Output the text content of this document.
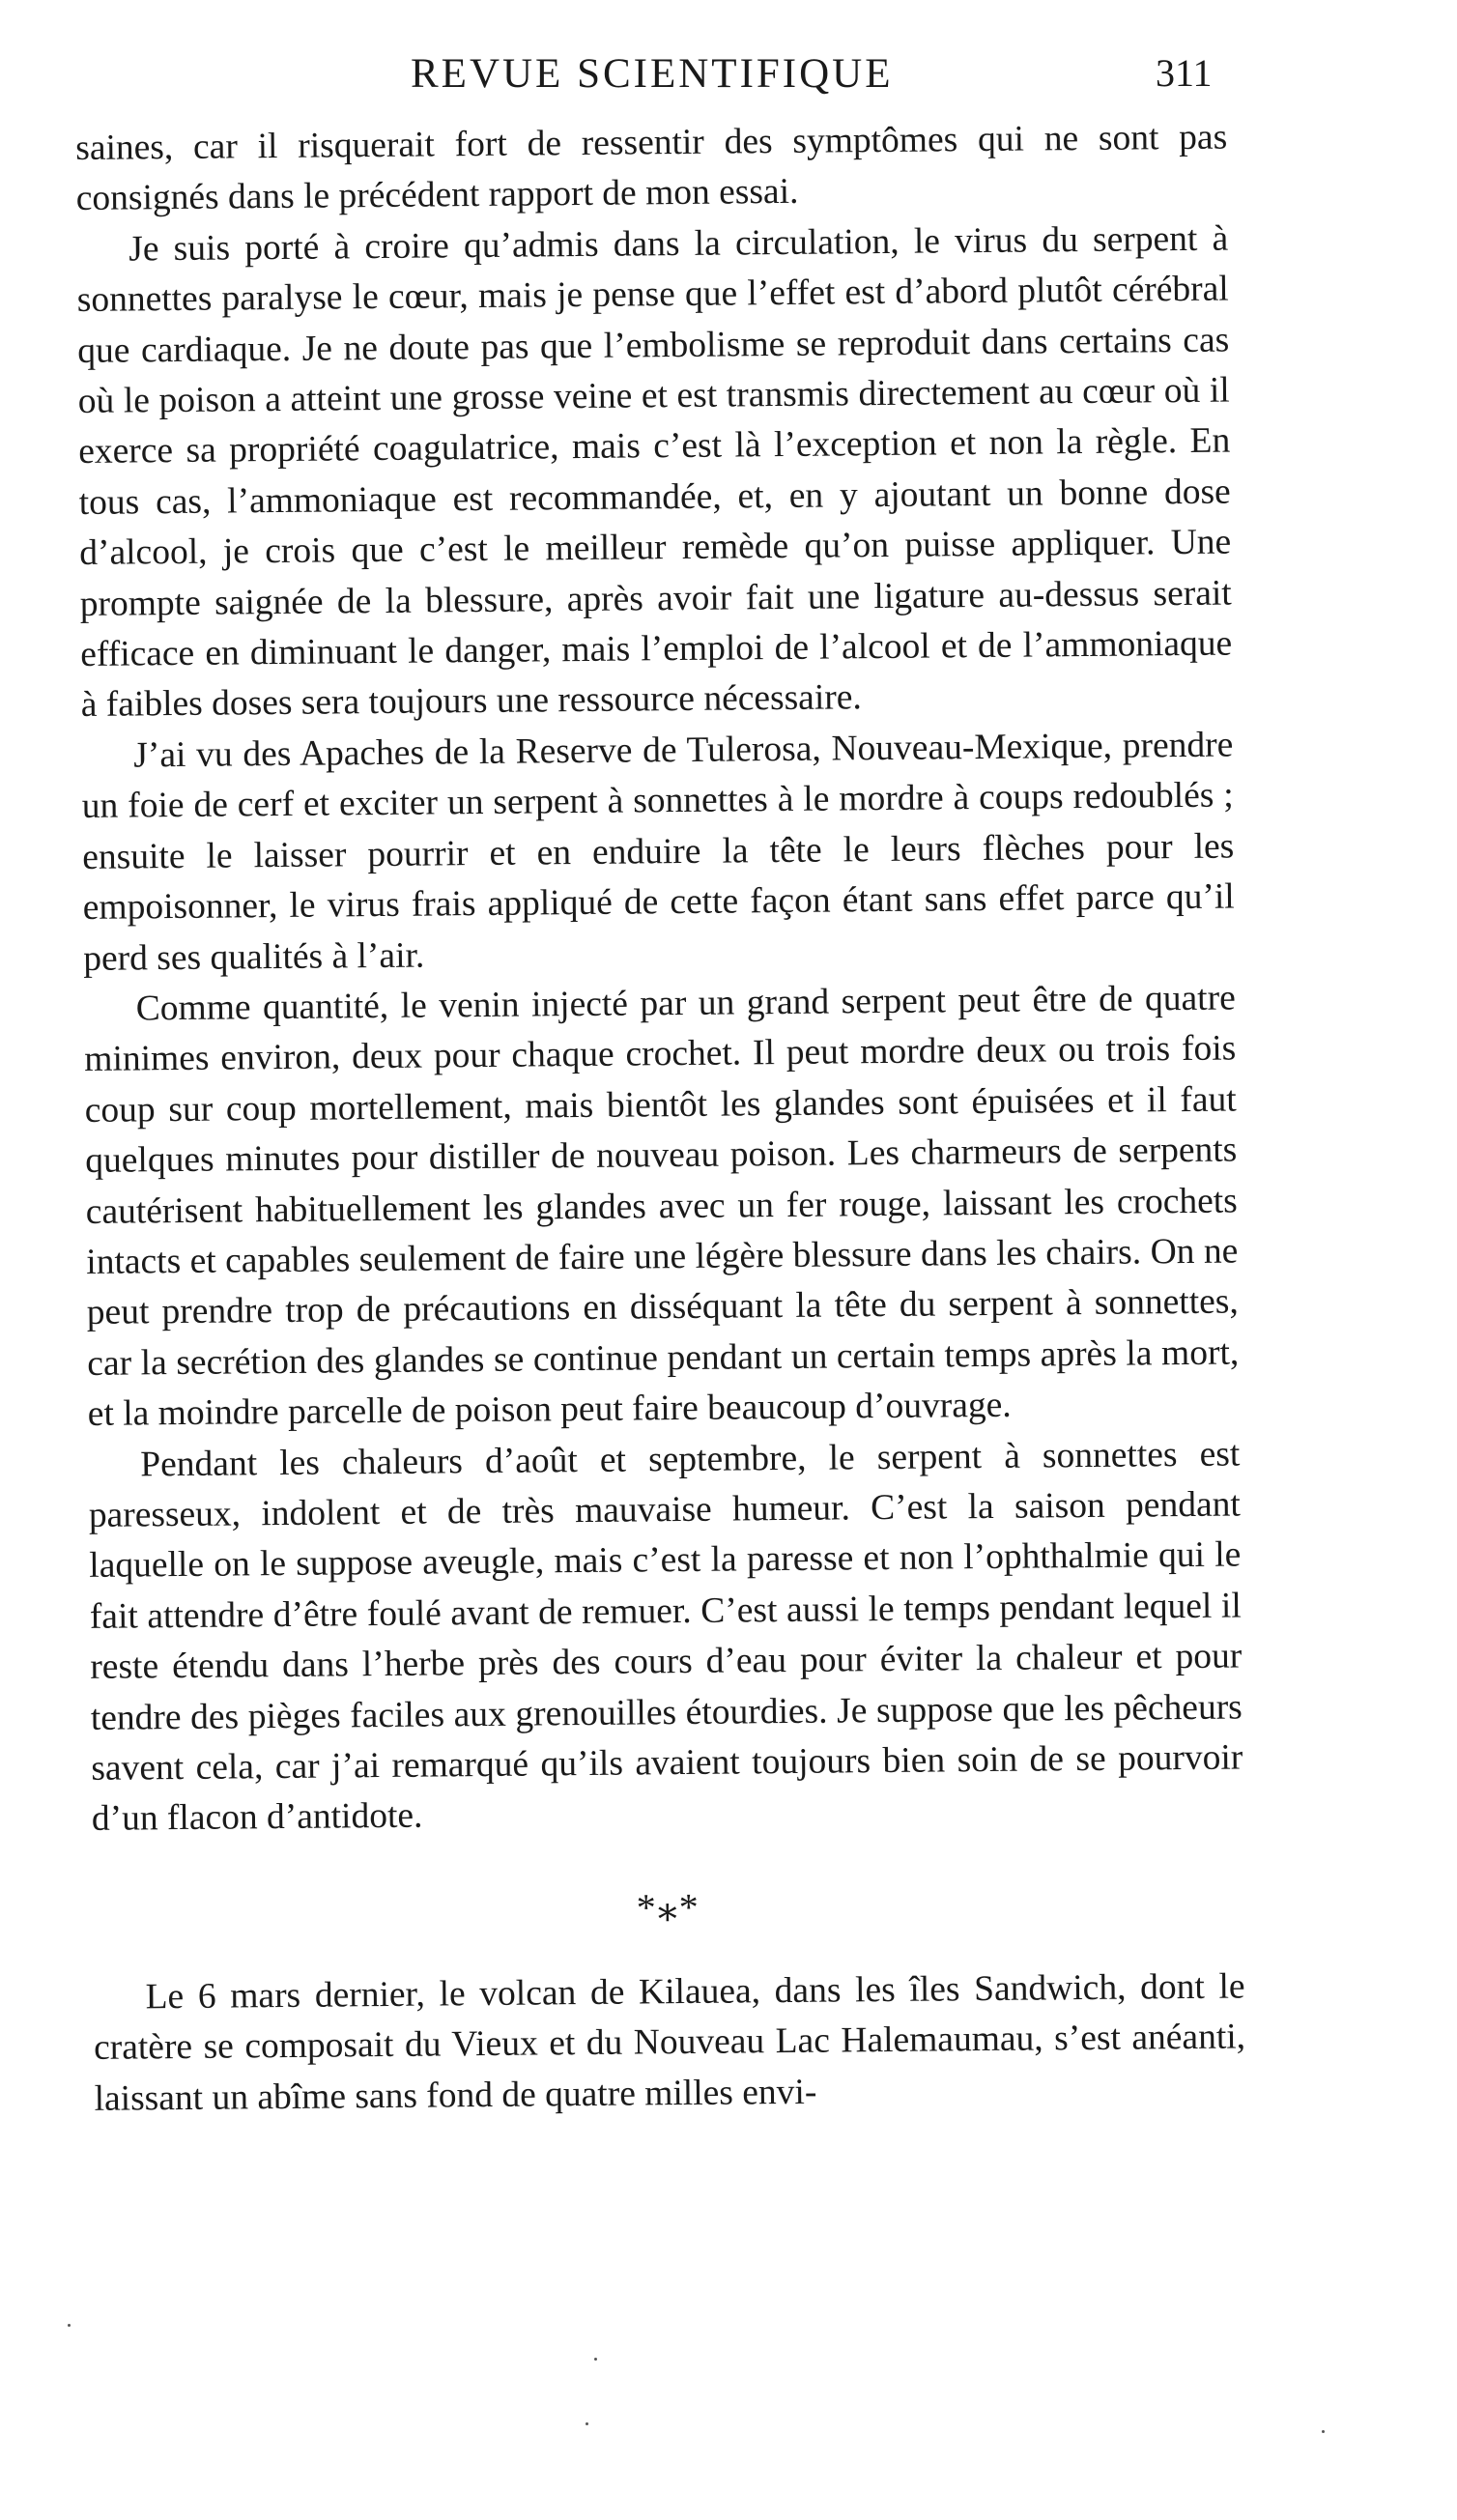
REVUE SCIENTIFIQUE	311

saines, car il risquerait fort de ressentir des symptômes qui ne sont pas consignés dans le précédent rapport de mon essai.

Je suis porté à croire qu’admis dans la circulation, le virus du serpent à sonnettes paralyse le cœur, mais je pense que l’effet est d’abord plutôt cérébral que cardiaque. Je ne doute pas que l’embolisme se reproduit dans certains cas où le poison a atteint une grosse veine et est transmis directement au cœur où il exerce sa propriété coagulatrice, mais c’est là l’exception et non la règle. En tous cas, l’ammoniaque est recommandée, et, en y ajoutant un bonne dose d’alcool, je crois que c’est le meilleur remède qu’on puisse appliquer. Une prompte saignée de la blessure, après avoir fait une ligature au-dessus serait efficace en diminuant le danger, mais l’emploi de l’alcool et de l’ammoniaque à faibles doses sera toujours une ressource nécessaire.

J’ai vu des Apaches de la Reserve de Tulerosa, Nouveau-Mexique, prendre un foie de cerf et exciter un serpent à sonnettes à le mordre à coups redoublés ; ensuite le laisser pourrir et en enduire la tête le leurs flèches pour les empoisonner, le virus frais appliqué de cette façon étant sans effet parce qu’il perd ses qualités à l’air.

Comme quantité, le venin injecté par un grand serpent peut être de quatre minimes environ, deux pour chaque crochet. Il peut mordre deux ou trois fois coup sur coup mortellement, mais bientôt les glandes sont épuisées et il faut quelques minutes pour distiller de nouveau poison. Les charmeurs de serpents cautérisent habituellement les glandes avec un fer rouge, laissant les crochets intacts et capables seulement de faire une légère blessure dans les chairs. On ne peut prendre trop de précautions en disséquant la tête du serpent à sonnettes, car la secrétion des glandes se continue pendant un certain temps après la mort, et la moindre parcelle de poison peut faire beaucoup d’ouvrage.

Pendant les chaleurs d’août et septembre, le serpent à sonnettes est paresseux, indolent et de très mauvaise humeur. C’est la saison pendant laquelle on le suppose aveugle, mais c’est la paresse et non l’ophthalmie qui le fait attendre d’être foulé avant de remuer. C’est aussi le temps pendant lequel il reste étendu dans l’herbe près des cours d’eau pour éviter la chaleur et pour tendre des pièges faciles aux grenouilles étourdies. Je suppose que les pêcheurs savent cela, car j’ai remarqué qu’ils avaient toujours bien soin de se pourvoir d’un flacon d’antidote.

*⁎*

Le 6 mars dernier, le volcan de Kilauea, dans les îles Sandwich, dont le cratère se composait du Vieux et du Nouveau Lac Halemaumau, s’est anéanti, laissant un abîme sans fond de quatre milles envi-
